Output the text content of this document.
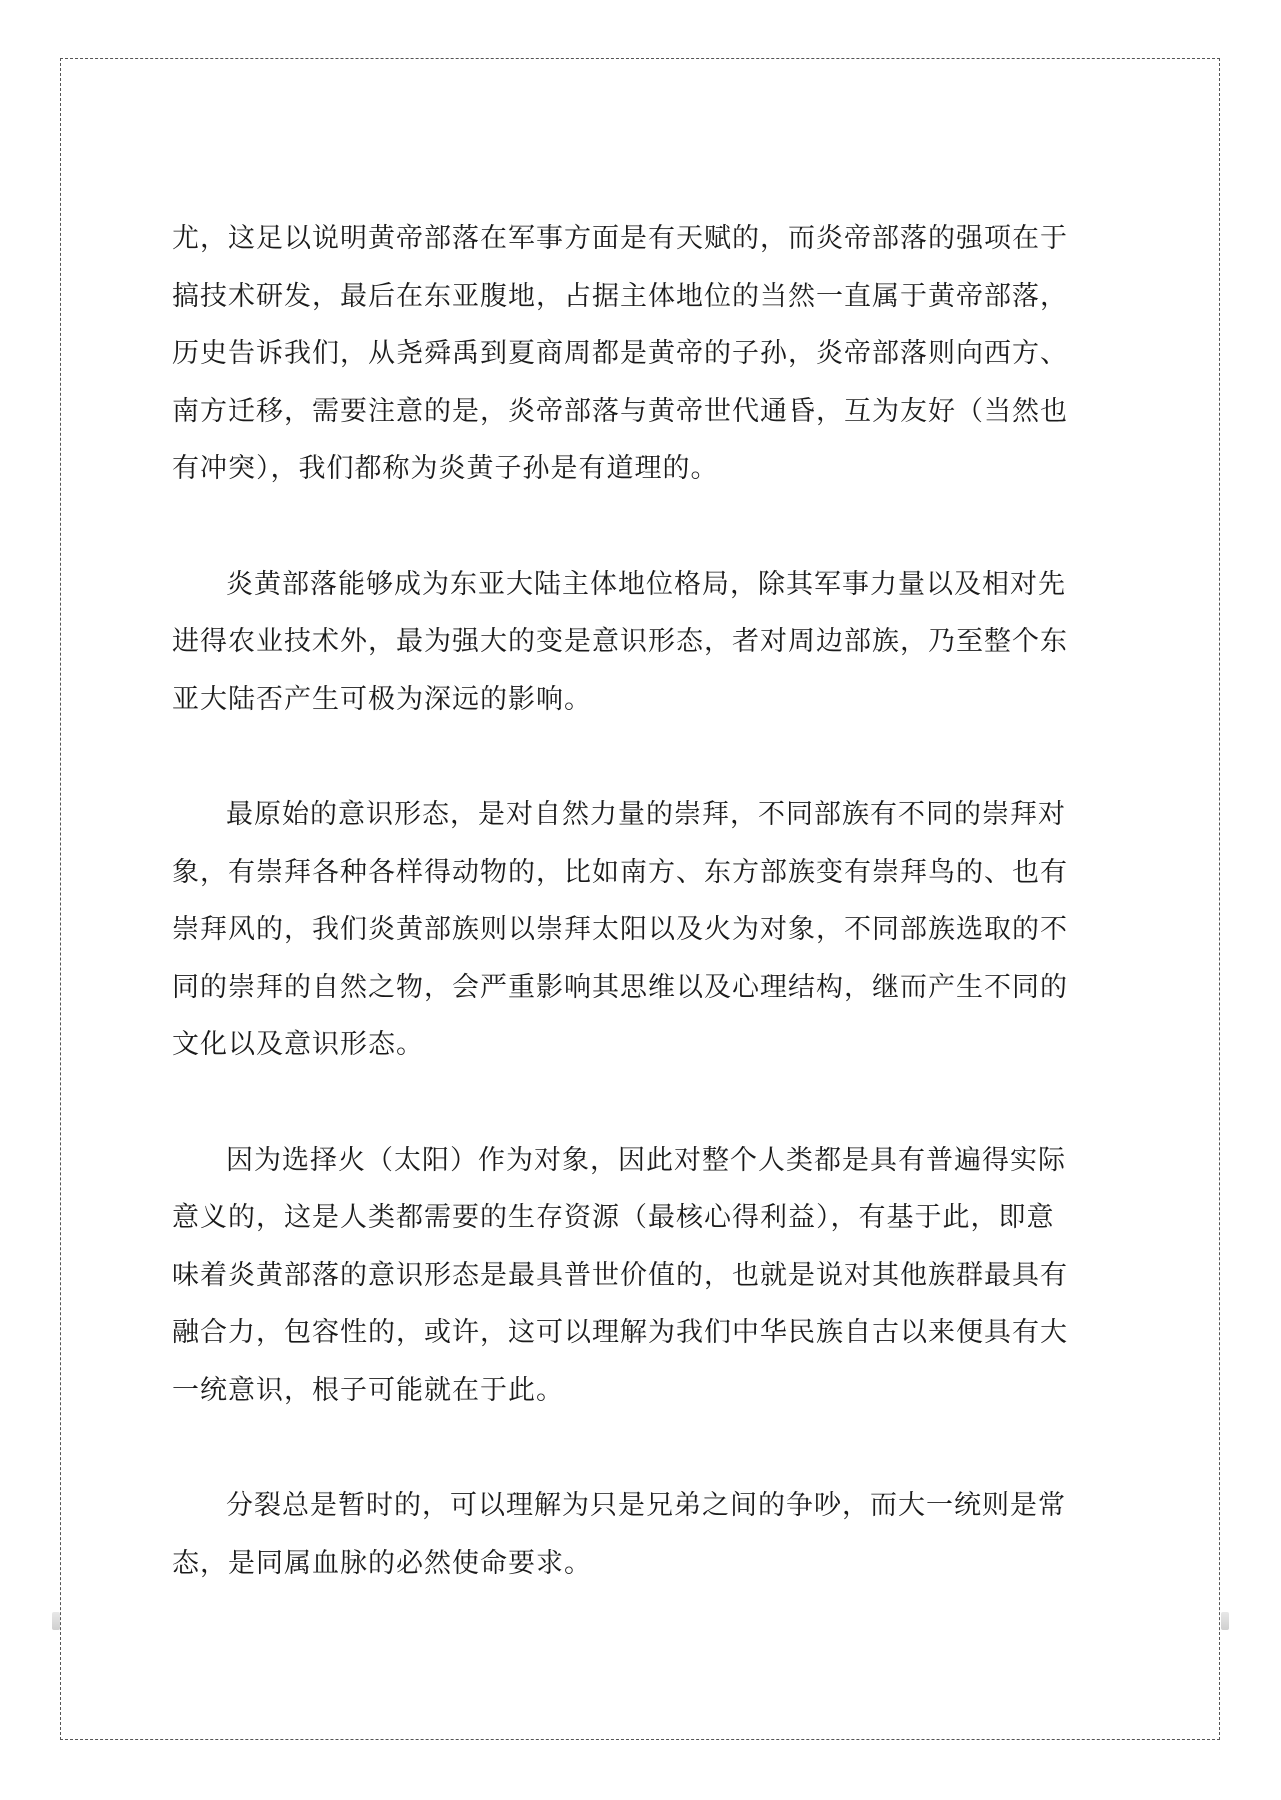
尤，这足以说明黄帝部落在军事方面是有天赋的，而炎帝部落的强项在于
搞技术研发，最后在东亚腹地，占据主体地位的当然一直属于黄帝部落，
历史告诉我们，从尧舜禹到夏商周都是黄帝的子孙，炎帝部落则向西方、
南方迁移，需要注意的是，炎帝部落与黄帝世代通昏，互为友好（当然也
有冲突），我们都称为炎黄子孙是有道理的。
炎黄部落能够成为东亚大陆主体地位格局，除其军事力量以及相对先
进得农业技术外，最为强大的变是意识形态，者对周边部族，乃至整个东
亚大陆否产生可极为深远的影响。
最原始的意识形态，是对自然力量的崇拜，不同部族有不同的崇拜对
象，有崇拜各种各样得动物的，比如南方、东方部族变有崇拜鸟的、也有
崇拜风的，我们炎黄部族则以崇拜太阳以及火为对象，不同部族选取的不
同的崇拜的自然之物，会严重影响其思维以及心理结构，继而产生不同的
文化以及意识形态。
因为选择火（太阳）作为对象，因此对整个人类都是具有普遍得实际
意义的，这是人类都需要的生存资源（最核心得利益），有基于此，即意
味着炎黄部落的意识形态是最具普世价值的，也就是说对其他族群最具有
融合力，包容性的，或许，这可以理解为我们中华民族自古以来便具有大
一统意识，根子可能就在于此。
分裂总是暂时的，可以理解为只是兄弟之间的争吵，而大一统则是常
态，是同属血脉的必然使命要求。
